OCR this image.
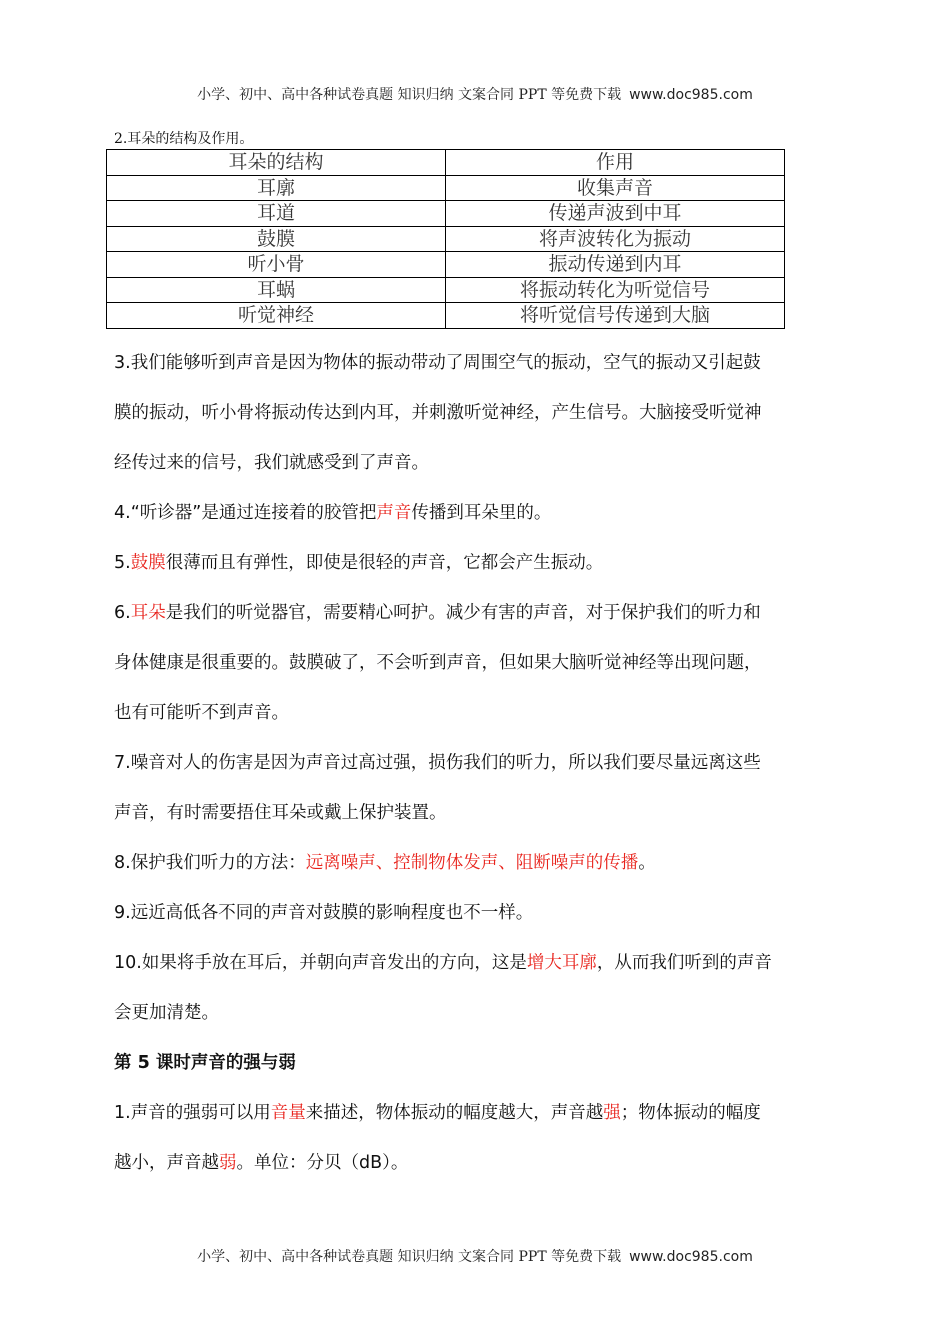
小学、初中、高中各种试卷真题 知识归纳 文案合同 PPT 等免费下载 www.doc985.com
2.耳朵的结构及作用。
耳朵的结构	作用
耳廓	收集声音
耳道	传递声波到中耳
鼓膜	将声波转化为振动
听小骨	振动传递到内耳
耳蜗	将振动转化为听觉信号
听觉神经	将听觉信号传递到大脑

3.我们能够听到声音是因为物体的振动带动了周围空气的振动，空气的振动又引起鼓

膜的振动，听小骨将振动传达到内耳，并刺激听觉神经，产生信号。大脑接受听觉神

经传过来的信号，我们就感受到了声音。

4.“听诊器”是通过连接着的胶管把声音传播到耳朵里的。

5.鼓膜很薄而且有弹性，即使是很轻的声音，它都会产生振动。

6.耳朵是我们的听觉器官，需要精心呵护。减少有害的声音，对于保护我们的听力和

身体健康是很重要的。鼓膜破了，不会听到声音，但如果大脑听觉神经等出现问题，

也有可能听不到声音。

7.噪音对人的伤害是因为声音过高过强，损伤我们的听力，所以我们要尽量远离这些

声音，有时需要捂住耳朵或戴上保护装置。

8.保护我们听力的方法：远离噪声、控制物体发声、阻断噪声的传播。

9.远近高低各不同的声音对鼓膜的影响程度也不一样。

10.如果将手放在耳后，并朝向声音发出的方向，这是增大耳廓，从而我们听到的声音

会更加清楚。

第 5 课时声音的强与弱

1.声音的强弱可以用音量来描述，物体振动的幅度越大，声音越强；物体振动的幅度

越小，声音越弱。单位：分贝（dB）。

小学、初中、高中各种试卷真题 知识归纳 文案合同 PPT 等免费下载 www.doc985.com
